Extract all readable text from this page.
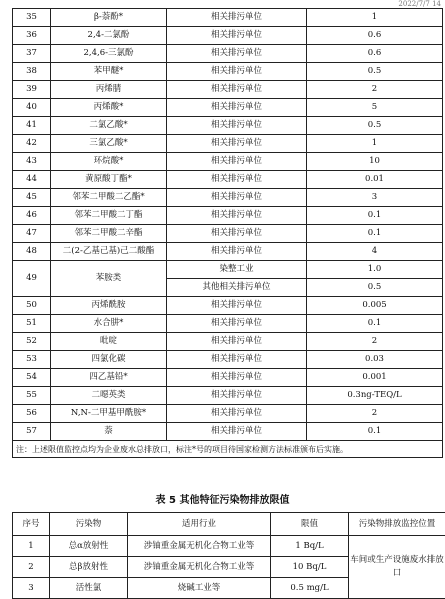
2022/7/7 14
35	β-萘酚*	相关排污单位	1
36	2,4-二氯酚	相关排污单位	0.6
37	2,4,6-三氯酚	相关排污单位	0.6
38	苯甲醚*	相关排污单位	0.5
39	丙烯腈	相关排污单位	2
40	丙烯酸*	相关排污单位	5
41	二氯乙酸*	相关排污单位	0.5
42	三氯乙酸*	相关排污单位	1
43	环烷酸*	相关排污单位	10
44	黄原酸丁酯*	相关排污单位	0.01
45	邻苯二甲酸二乙酯*	相关排污单位	3
46	邻苯二甲酸二丁酯	相关排污单位	0.1
47	邻苯二甲酸二辛酯	相关排污单位	0.1
48	二(2-乙基己基)己二酸酯	相关排污单位	4
49	苯胺类	染整工业	1.0
		其他相关排污单位	0.5
50	丙烯酰胺	相关排污单位	0.005
51	水合肼*	相关排污单位	0.1
52	吡啶	相关排污单位	2
53	四氯化碳	相关排污单位	0.03
54	四乙基铅*	相关排污单位	0.001
55	二噁英类	相关排污单位	0.3ng-TEQ/L
56	N,N-二甲基甲酰胺*	相关排污单位	2
57	萘	相关排污单位	0.1
注：上述限值监控点均为企业废水总排放口，标注*号的项目待国家检测方法标准颁布后实施。			
表 5 其他特征污染物排放限值
序号	污染物	适用行业	限值	污染物排放监控位置
1	总α放射性	涉铀重金属无机化合物工业等	1 Bq/L	车间或生产设施废水排放口
2	总β放射性	涉铀重金属无机化合物工业等	10 Bq/L	
3	活性氯	烧碱工业等	0.5 mg/L	
